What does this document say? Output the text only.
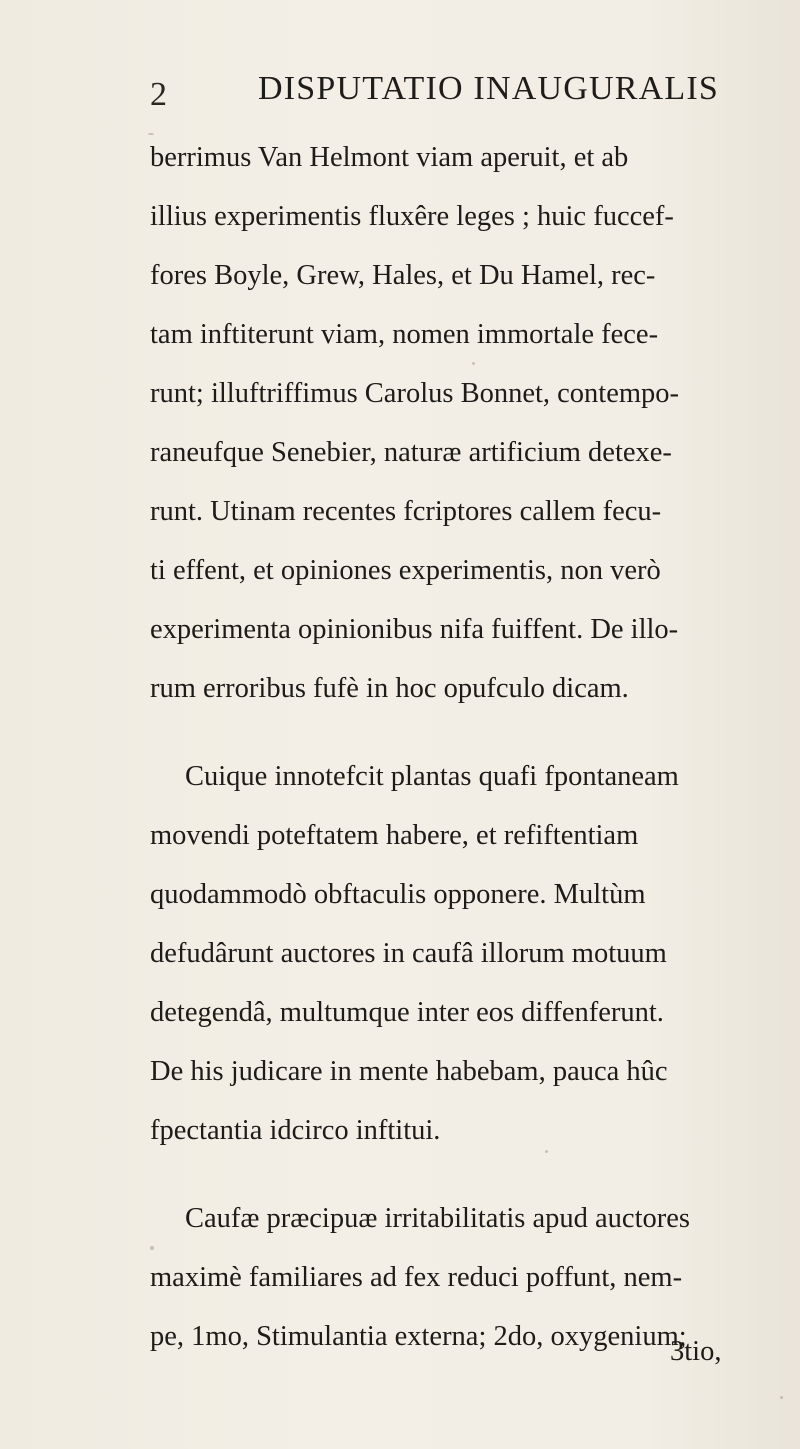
2	DISPUTATIO INAUGURALIS
berrimus Van Helmont viam aperuit, et ab
illius experimentis fluxêre leges ; huic fuccef-
fores Boyle, Grew, Hales, et Du Hamel, rec-
tam inftiterunt viam, nomen immortale fece-
runt; illuftriffimus Carolus Bonnet, contempo-
raneufque Senebier, naturæ artificium detexe-
runt. Utinam recentes fcriptores callem fecu-
ti effent, et opiniones experimentis, non verò
experimenta opinionibus nifa fuiffent. De illo-
rum erroribus fufè in hoc opufculo dicam.
Cuique innotefcit plantas quafi fpontaneam
movendi poteftatem habere, et refiftentiam
quodammodò obftaculis opponere. Multùm
defudârunt auctores in caufâ illorum motuum
detegendâ, multumque inter eos diffenferunt.
De his judicare in mente habebam, pauca hûc
fpectantia idcirco inftitui.
Caufæ præcipuæ irritabilitatis apud auctores
maximè familiares ad fex reduci poffunt, nem-
pe, 1mo, Stimulantia externa; 2do, oxygenium;
3tio,
